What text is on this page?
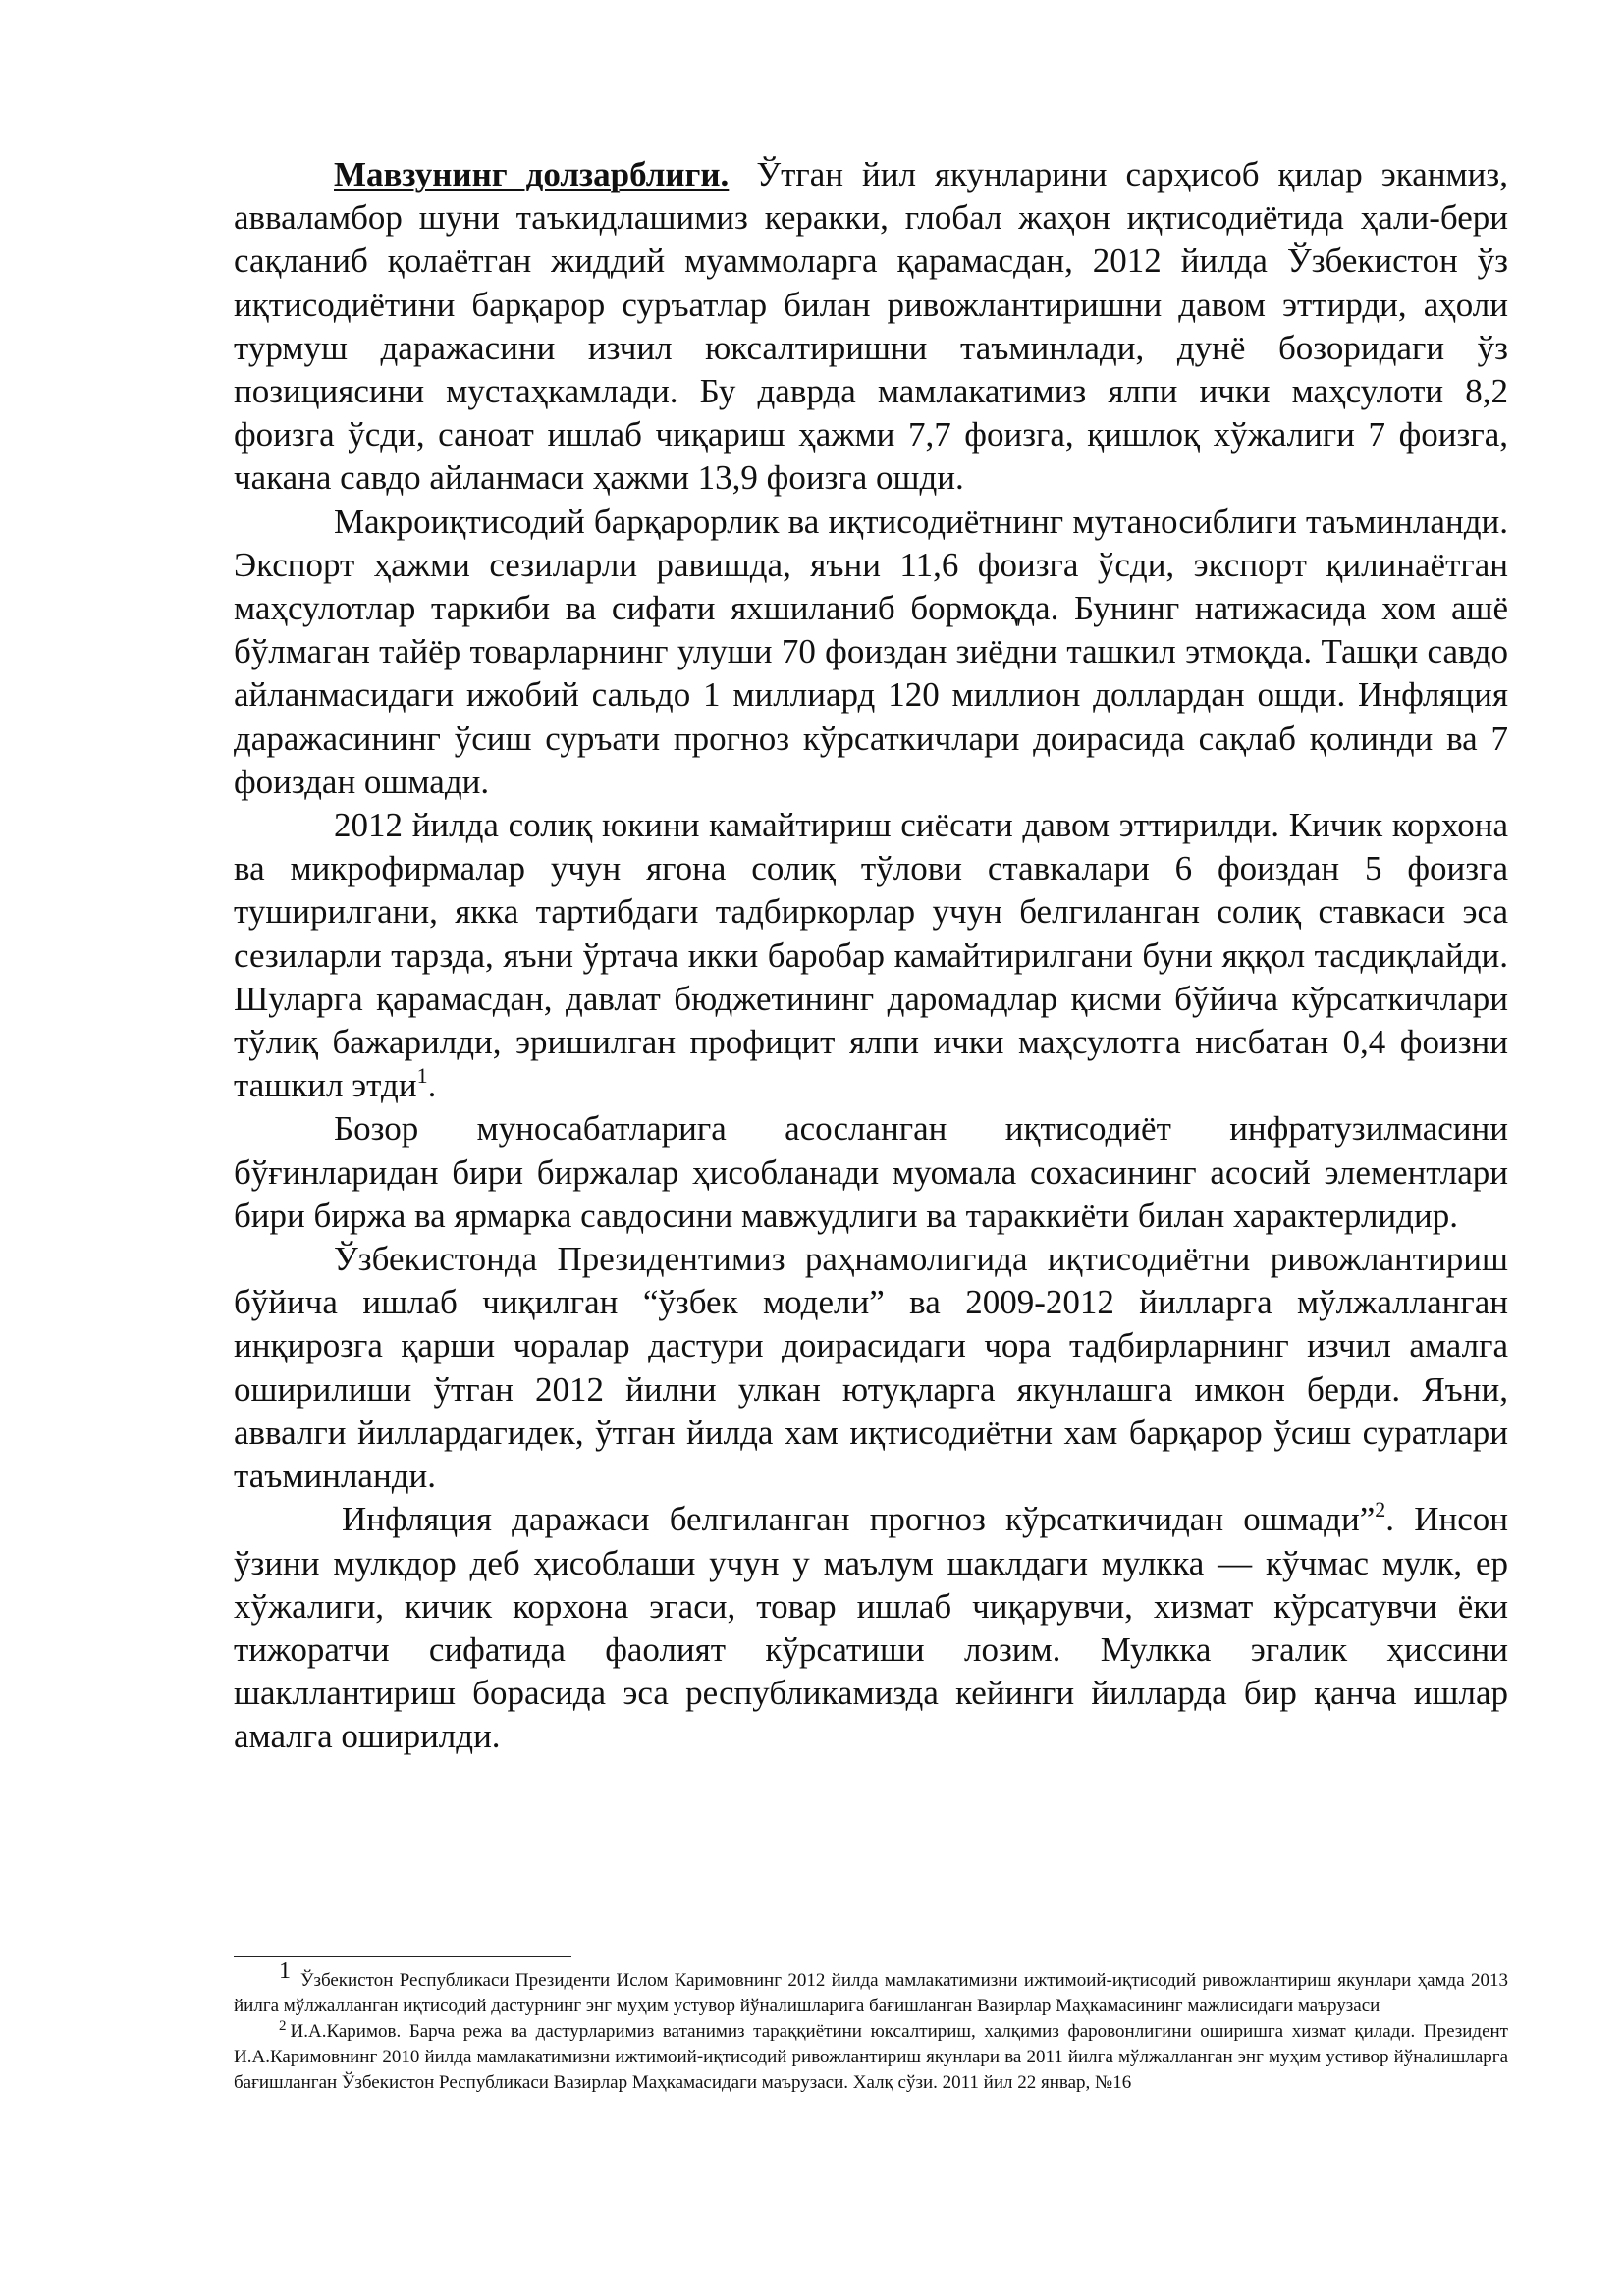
Мавзунинг долзарблиги. Ўтган йил якунларини сарҳисоб қилар эканмиз, авваламбор шуни таъкидлашимиз керакки, глобал жаҳон иқтисодиётида ҳали-бери сақланиб қолаётган жиддий муаммоларга қарамасдан, 2012 йилда Ўзбекистон ўз иқтисодиётини барқарор суръатлар билан ривожлантиришни давом эттирди, аҳоли турмуш даражасини изчил юксалтиришни таъминлади, дунё бозоридаги ўз позициясини мустаҳкамлади. Бу даврда мамлакатимиз ялпи ички маҳсулоти 8,2 фоизга ўсди, саноат ишлаб чиқариш ҳажми 7,7 фоизга, қишлоқ хўжалиги 7 фоизга, чакана савдо айланмаси ҳажми 13,9 фоизга ошди.

Макроиқтисодий барқарорлик ва иқтисодиётнинг мутаносиблиги таъминланди. Экспорт ҳажми сезиларли равишда, яъни 11,6 фоизга ўсди, экспорт қилинаётган маҳсулотлар таркиби ва сифати яхшиланиб бормоқда. Бунинг натижасида хом ашё бўлмаган тайёр товарларнинг улуши 70 фоиздан зиёдни ташкил этмоқда. Ташқи савдо айланмасидаги ижобий сальдо 1 миллиард 120 миллион доллардан ошди. Инфляция даражасининг ўсиш суръати прогноз кўрсаткичлари доирасида сақлаб қолинди ва 7 фоиздан ошмади.

2012 йилда солиқ юкини камайтириш сиёсати давом эттирилди. Кичик корхона ва микрофирмалар учун ягона солиқ тўлови ставкалари 6 фоиздан 5 фоизга туширилгани, якка тартибдаги тадбиркорлар учун белгиланган солиқ ставкаси эса сезиларли тарзда, яъни ўртача икки баробар камайтирилгани буни яққол тасдиқлайди. Шуларга қарамасдан, давлат бюджетининг даромадлар қисми бўйича кўрсаткичлари тўлиқ бажарилди, эришилган профицит ялпи ички маҳсулотга нисбатан 0,4 фоизни ташкил этди$^1$.

Бозор муносабатларига асосланган иқтисодиёт инфратузилмасини бўғинларидан бири биржалар ҳисобланади муомала сохасининг асосий элементлари бири биржа ва ярмарка савдосини мавжудлиги ва тараккиёти билан характерлидир.

Ўзбекистонда Президентимиз раҳнамолигида иқтисодиётни ривожлантириш бўйича ишлаб чиқилган “ўзбек модели” ва 2009-2012 йилларга мўлжалланган инқирозга қарши чоралар дастури доирасидаги чора тадбирларнинг изчил амалга оширилиши ўтган 2012 йилни улкан ютуқларга якунлашга имкон берди. Яъни, аввалги йиллардагидек, ўтган йилда хам иқтисодиётни хам барқарор ўсиш суратлари таъминланди.

Инфляция даражаси белгиланган прогноз кўрсаткичидан ошмади”$^2$. Инсон ўзини мулкдор деб ҳисоблаши учун у маълум шаклдаги мулкка — кўчмас мулк, ер хўжалиги, кичик корхона эгаси, товар ишлаб чиқарувчи, хизмат кўрсатувчи ёки тижоратчи сифатида фаолият кўрсатиши лозим. Мулкка эгалик ҳиссини шакллантириш борасида эса республикамизда кейинги йилларда бир қанча ишлар амалга оширилди.

$^1$ Ўзбекистон Республикаси Президенти Ислом Каримовнинг 2012 йилда мамлакатимизни ижтимоий-иқтисодий ривожлантириш якунлари ҳамда 2013 йилга мўлжалланган иқтисодий дастурнинг энг муҳим устувор йўналишларига бағишланган Вазирлар Маҳкамасининг мажлисидаги маърузаси

$^2$ И.А.Каримов. Барча режа ва дастурларимиз ватанимиз тараққиётини юксалтириш, халқимиз фаровонлигини оширишга хизмат қилади. Президент И.А.Каримовнинг 2010 йилда мамлакатимизни ижтимоий-иқтисодий ривожлантириш якунлари ва 2011 йилга мўлжалланган энг муҳим устивор йўналишларга бағишланган Ўзбекистон Республикаси Вазирлар Маҳкамасидаги маърузаси. Халқ сўзи. 2011 йил 22 январ, №16
